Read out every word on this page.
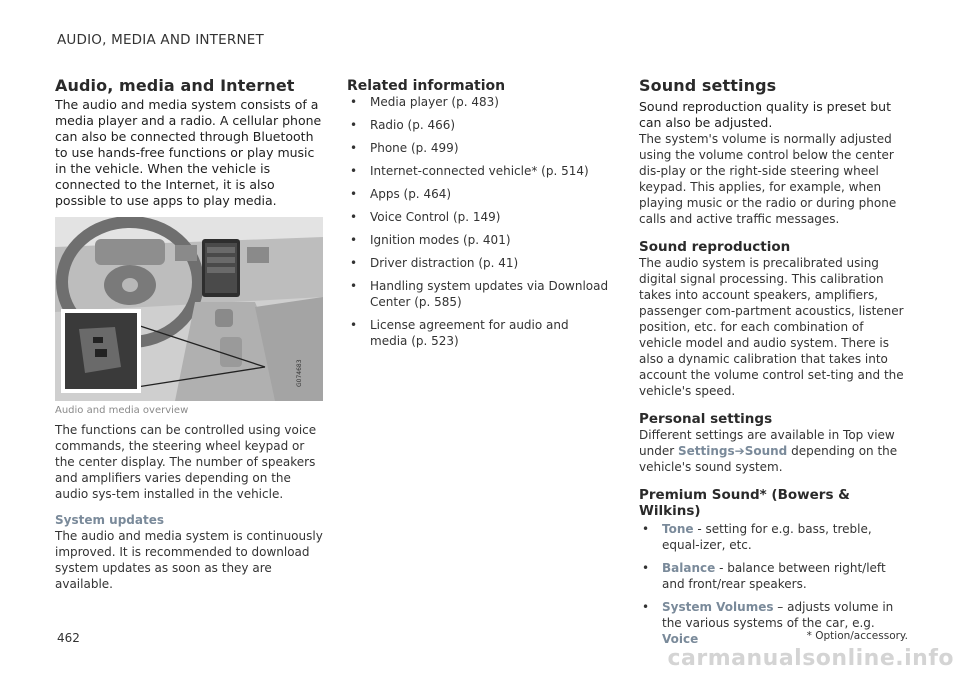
AUDIO, MEDIA AND INTERNET
Audio, media and Internet

The audio and media system consists of a media player and a radio. A cellular phone can also be connected through Bluetooth to use hands-free functions or play music in the vehicle. When the vehicle is connected to the Internet, it is also possible to use apps to play media.

G074683
Audio and media overview

The functions can be controlled using voice commands, the steering wheel keypad or the center display. The number of speakers and amplifiers varies depending on the audio sys-tem installed in the vehicle.

System updates

The audio and media system is continuously improved. It is recommended to download system updates as soon as they are available.

Related information
• Media player (p. 483)
• Radio (p. 466)
• Phone (p. 499)
• Internet-connected vehicle* (p. 514)
• Apps (p. 464)
• Voice Control (p. 149)
• Ignition modes (p. 401)
• Driver distraction (p. 41)
• Handling system updates via Download Center (p. 585)
• License agreement for audio and media (p. 523)
Sound settings

Sound reproduction quality is preset but can also be adjusted.

The system's volume is normally adjusted using the volume control below the center dis-play or the right-side steering wheel keypad. This applies, for example, when playing music or the radio or during phone calls and active traffic messages.

Sound reproduction

The audio system is precalibrated using digital signal processing. This calibration takes into account speakers, amplifiers, passenger com-partment acoustics, listener position, etc. for each combination of vehicle model and audio system. There is also a dynamic calibration that takes into account the volume control set-ting and the vehicle's speed.

Personal settings

Different settings are available in Top view under Settings➔Sound depending on the vehicle's sound system.

Premium Sound* (Bowers & Wilkins)
• Tone - setting for e.g. bass, treble, equal-izer, etc.
• Balance - balance between right/left and front/rear speakers.
• System Volumes – adjusts volume in the various systems of the car, e.g. Voice
462	* Option/accessory.
carmanualsonline.info
